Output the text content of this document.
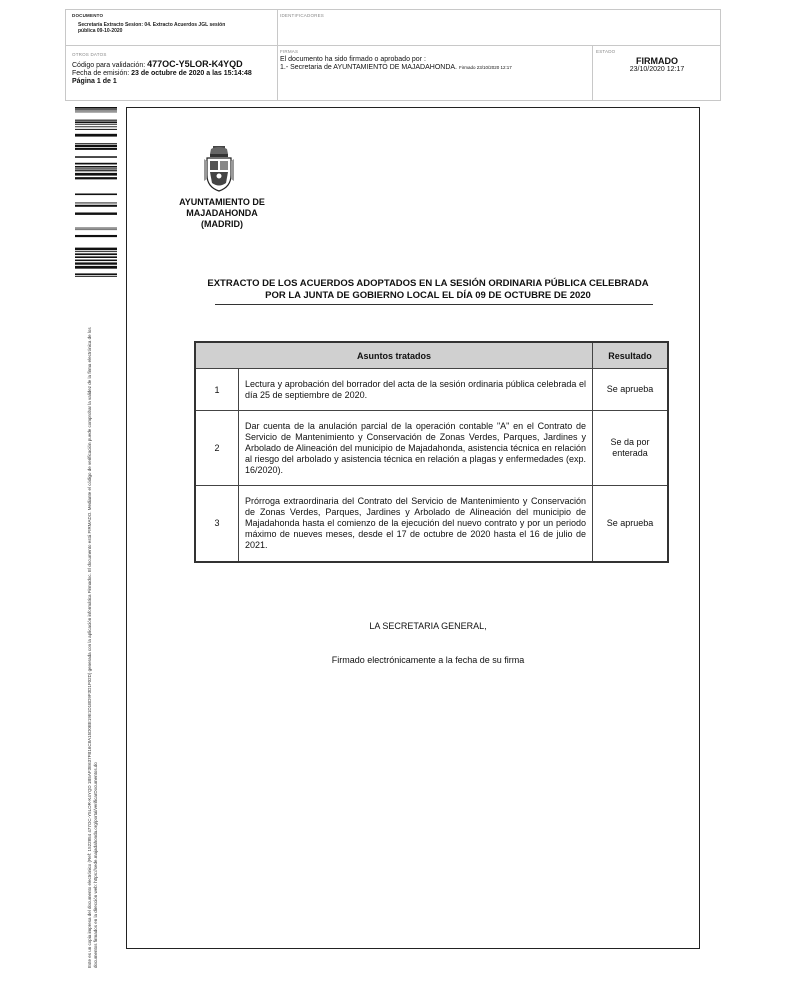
DOCUMENTO
Secretaría Extracto Sesion: 04. Extracto Acuerdos JGL sesión pública 09-10-2020
IDENTIFICADORES
OTROS DATOS
Código para validación: 477OC-Y5LOR-K4YQD
Fecha de emisión: 23 de octubre de 2020 a las 15:14:48
Página 1 de 1
FIRMAS
El documento ha sido firmado o aprobado por :
1.- Secretaria de AYUNTAMIENTO DE MAJADAHONDA. Firmado 23/10/2020 12:17
ESTADO
FIRMADO
23/10/2020 12:17
Este es un copia impresa del documento electrónico (Ref: 1522854 477OC-Y5LOR-K4YQD 1B5AF3E637FB16C8A15D0BE19E1D1BD9F3D1F02D) generada con la aplicación informática Firmadoc. El documento está FIRMADO. Mediante el código de verificación puede comprobar la validez de la firma electrónica de los documentos firmados en la dirección web: https://sede.majadahonda.org/portal/verificarDocumentos.do
AYUNTAMIENTO DE
MAJADAHONDA
(MADRID)
EXTRACTO DE LOS ACUERDOS ADOPTADOS EN LA SESIÓN ORDINARIA PÚBLICA CELEBRADA
POR LA JUNTA DE GOBIERNO LOCAL EL DÍA 09 DE OCTUBRE DE 2020
Asuntos tratados		Resultado
1	Lectura y aprobación del borrador del acta de la sesión ordinaria pública celebrada el día 25 de septiembre de 2020.	Se aprueba
2	Dar cuenta de la anulación parcial de la operación contable "A" en el Contrato de Servicio de Mantenimiento y Conservación de Zonas Verdes, Parques, Jardines y Arbolado de Alineación del municipio de Majadahonda, asistencia técnica en relación al riesgo del arbolado y asistencia técnica en relación a plagas y enfermedades (exp. 16/2020).	Se da por enterada
3	Prórroga extraordinaria del Contrato del Servicio de Mantenimiento y Conservación de Zonas Verdes, Parques, Jardines y Arbolado de Alineación del municipio de Majadahonda hasta el comienzo de la ejecución del nuevo contrato y por un periodo máximo de nueves meses, desde el 17 de octubre de 2020 hasta el 16 de julio de 2021.	Se aprueba
LA SECRETARIA GENERAL,
Firmado electrónicamente a la fecha de su firma
